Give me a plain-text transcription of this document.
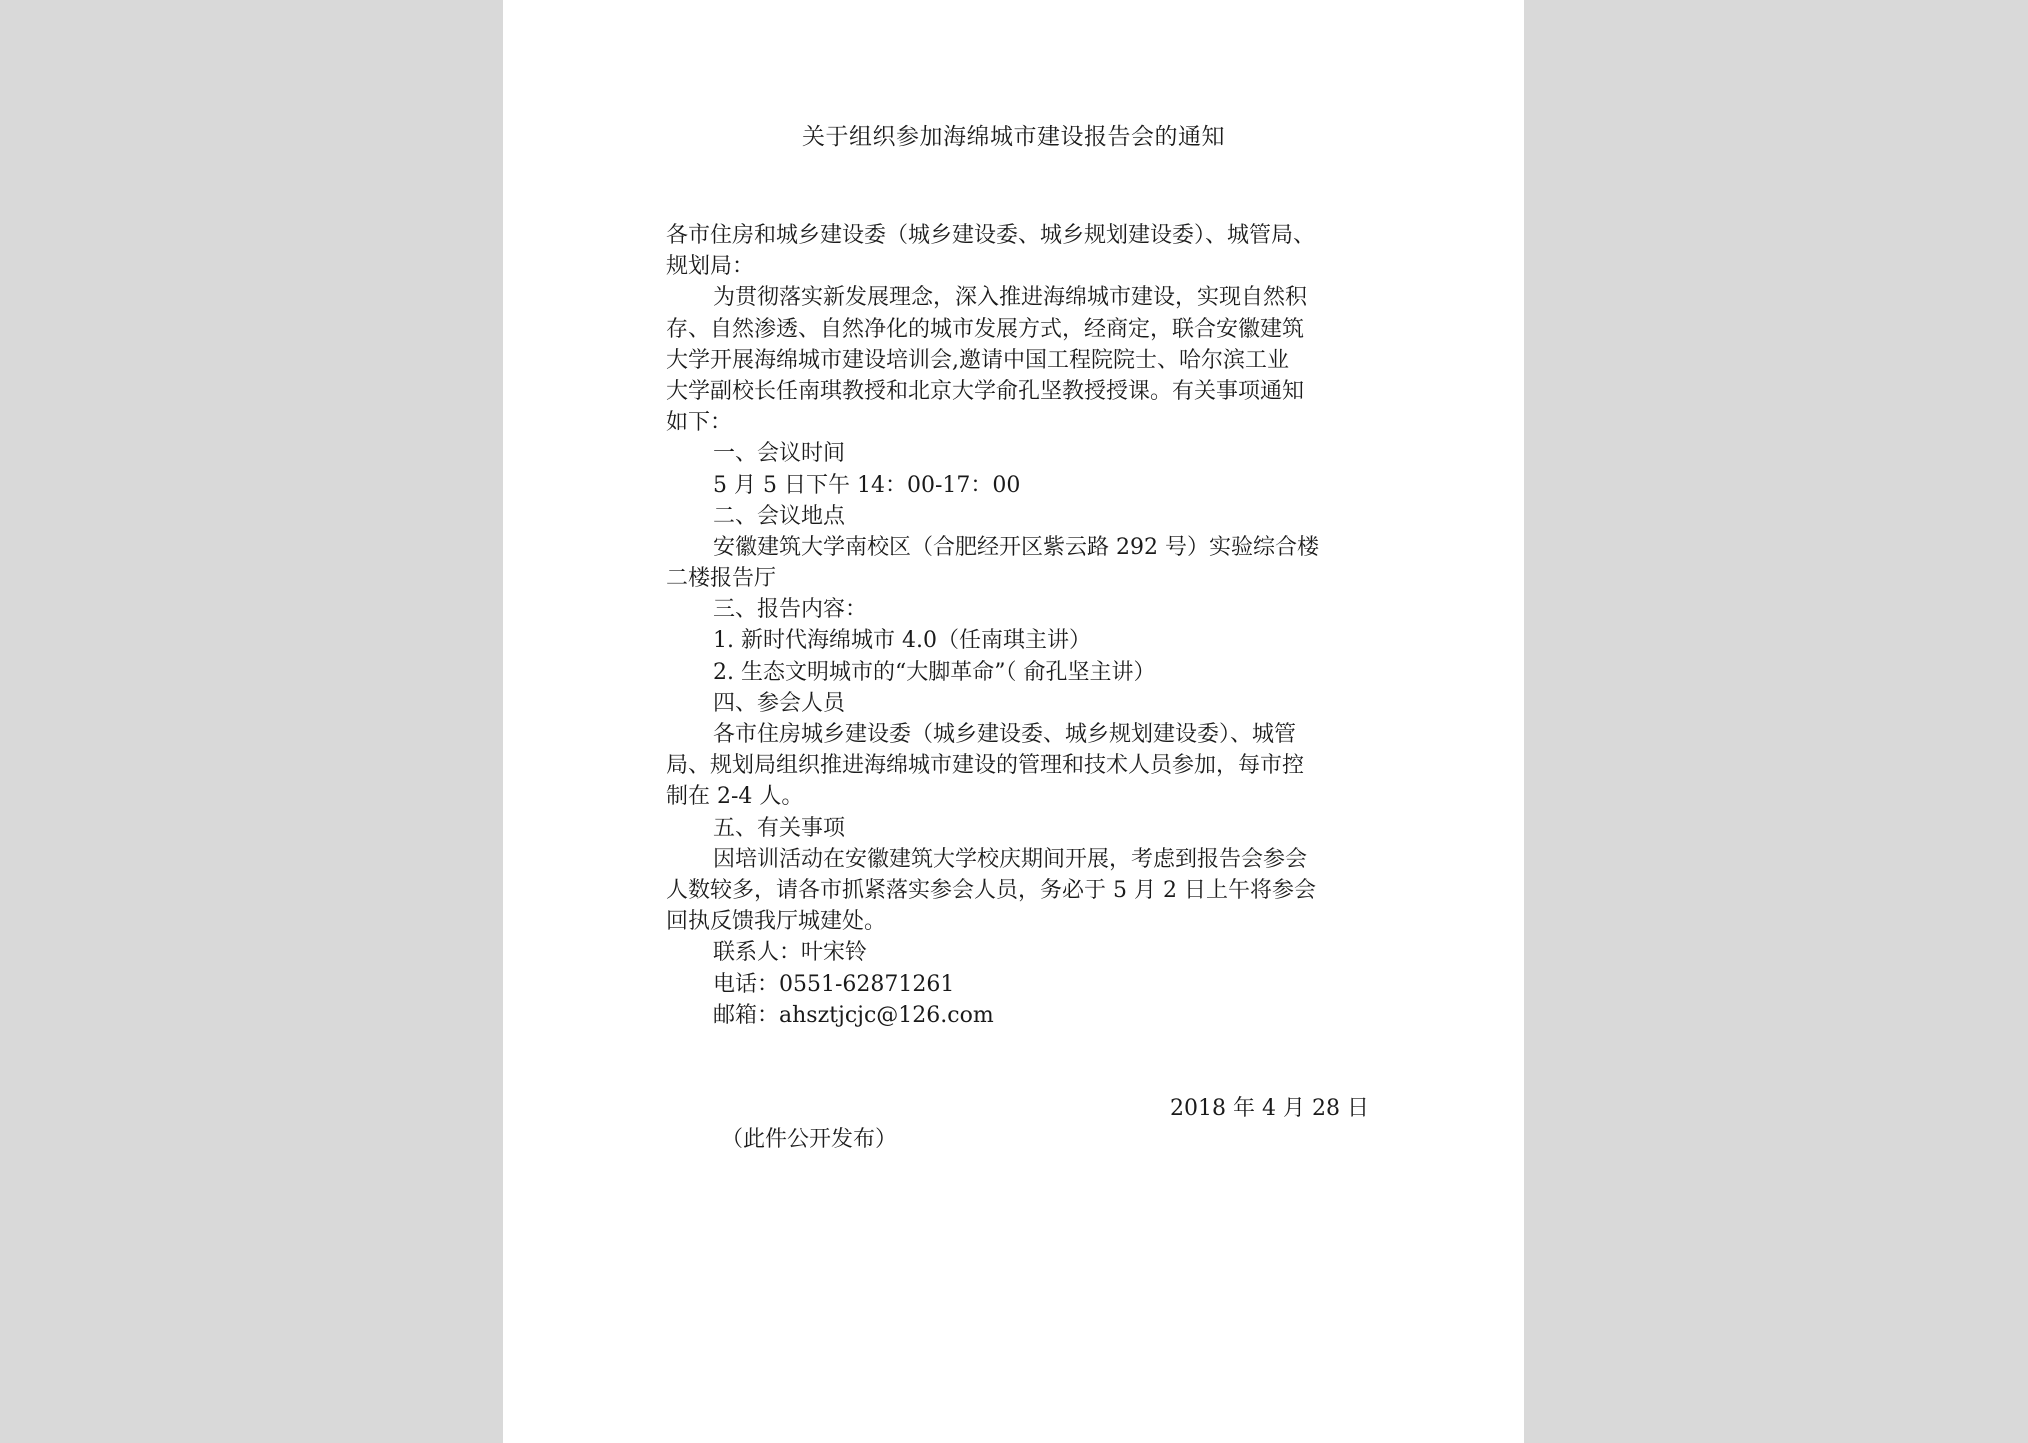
关于组织参加海绵城市建设报告会的通知
各市住房和城乡建设委（城乡建设委、城乡规划建设委）、城管局、
规划局：
为贯彻落实新发展理念，深入推进海绵城市建设，实现自然积
存、自然渗透、自然净化的城市发展方式，经商定，联合安徽建筑
大学开展海绵城市建设培训会,邀请中国工程院院士、哈尔滨工业
大学副校长任南琪教授和北京大学俞孔坚教授授课。有关事项通知
如下：
一、会议时间
5 月 5 日下午 14：00-17：00
二、会议地点
安徽建筑大学南校区（合肥经开区紫云路 292 号）实验综合楼
二楼报告厅
三、报告内容：
1. 新时代海绵城市 4.0（任南琪主讲）
2. 生态文明城市的“大脚革命”（ 俞孔坚主讲）
四、参会人员
各市住房城乡建设委（城乡建设委、城乡规划建设委）、城管
局、规划局组织推进海绵城市建设的管理和技术人员参加，每市控
制在 2-4 人。
五、有关事项
因培训活动在安徽建筑大学校庆期间开展，考虑到报告会参会
人数较多，请各市抓紧落实参会人员，务必于 5 月 2 日上午将参会
回执反馈我厅城建处。
联系人：叶宋铃
电话：0551-62871261
邮箱：ahsztjcjc@126.com
2018 年 4 月 28 日
（此件公开发布）
